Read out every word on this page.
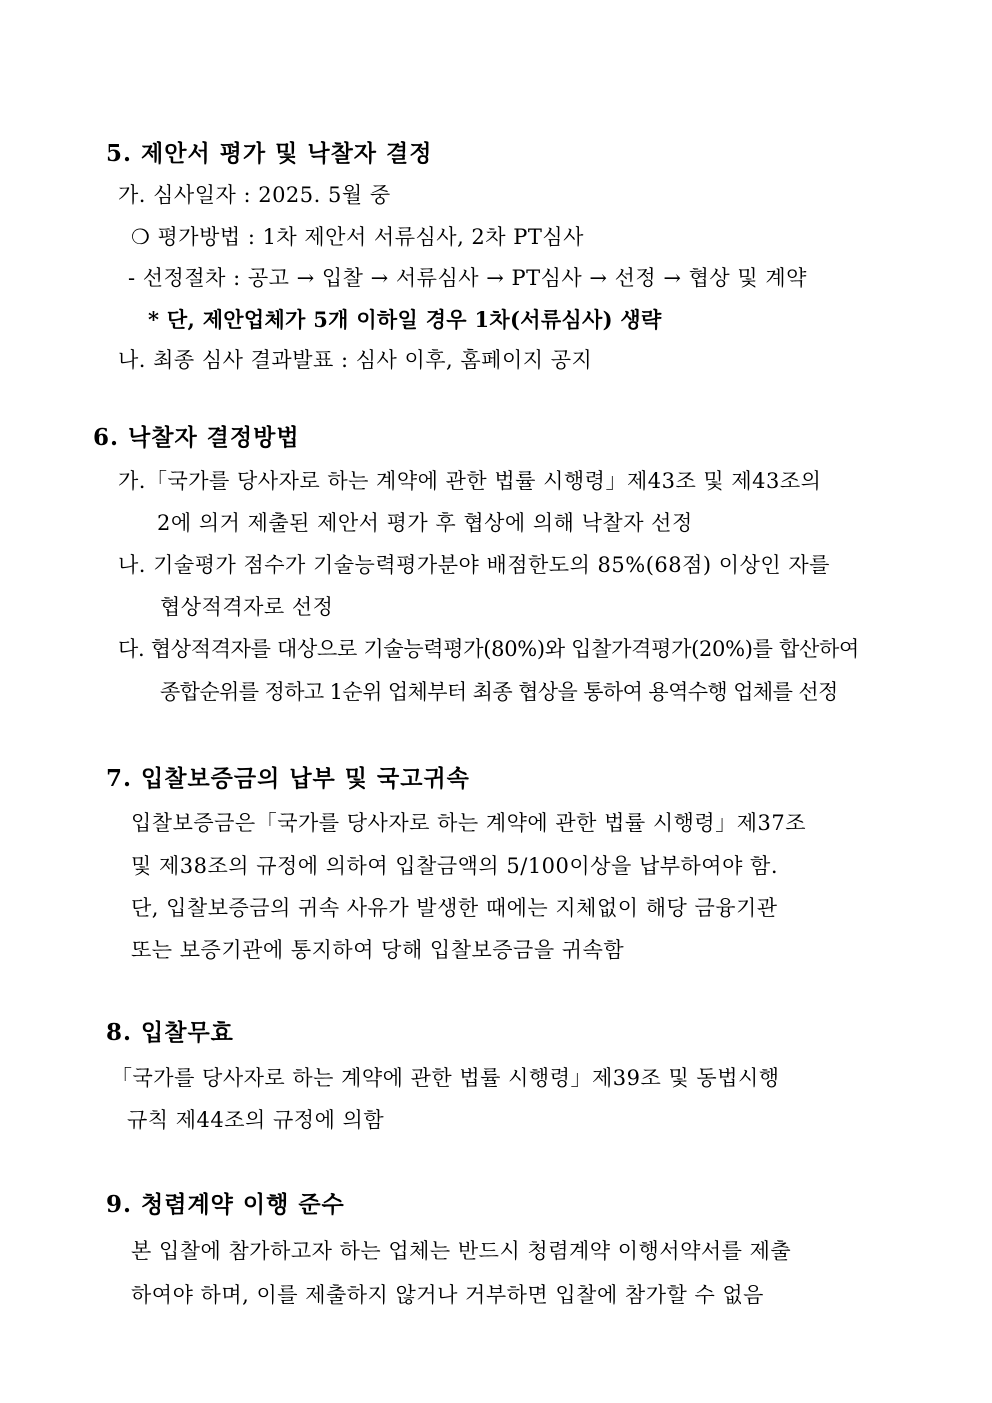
5. 제안서 평가 및 낙찰자 결정
가. 심사일자 : 2025. 5월 중
❍ 평가방법 : 1차 제안서 서류심사, 2차 PT심사
- 선정절차 : 공고 → 입찰 → 서류심사 → PT심사 → 선정 → 협상 및 계약
* 단, 제안업체가 5개 이하일 경우 1차(서류심사) 생략
나. 최종 심사 결과발표 : 심사 이후, 홈페이지 공지
6. 낙찰자 결정방법
가.「국가를 당사자로 하는 계약에 관한 법률 시행령」제43조 및 제43조의
2에 의거 제출된 제안서 평가 후 협상에 의해 낙찰자 선정
나. 기술평가 점수가 기술능력평가분야 배점한도의 85%(68점) 이상인 자를
협상적격자로 선정
다. 협상적격자를 대상으로 기술능력평가(80%)와 입찰가격평가(20%)를 합산하여
종합순위를 정하고 1순위 업체부터 최종 협상을 통하여 용역수행 업체를 선정
7. 입찰보증금의 납부 및 국고귀속
입찰보증금은「국가를 당사자로 하는 계약에 관한 법률 시행령」제37조
및 제38조의 규정에 의하여 입찰금액의 5/100이상을 납부하여야 함.
단, 입찰보증금의 귀속 사유가 발생한 때에는 지체없이 해당 금융기관
또는 보증기관에 통지하여 당해 입찰보증금을 귀속함
8. 입찰무효
「국가를 당사자로 하는 계약에 관한 법률 시행령」제39조 및 동법시행
규칙 제44조의 규정에 의함
9. 청렴계약 이행 준수
본 입찰에 참가하고자 하는 업체는 반드시 청렴계약 이행서약서를 제출
하여야 하며, 이를 제출하지 않거나 거부하면 입찰에 참가할 수 없음
